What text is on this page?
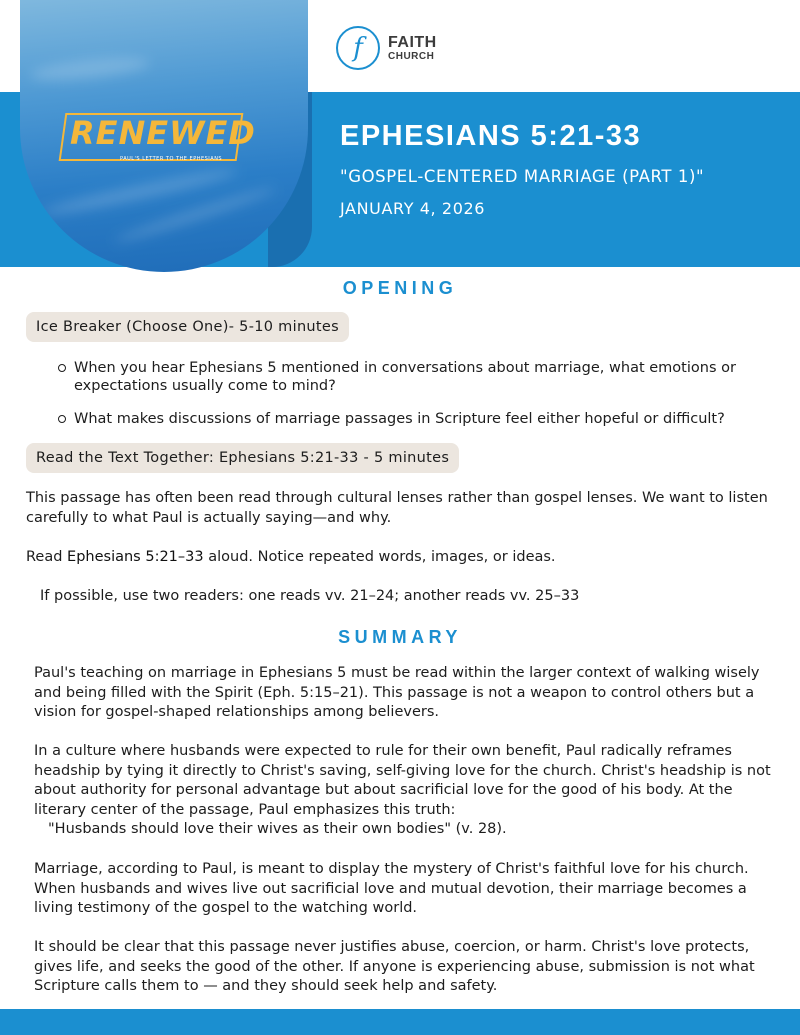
RENEWED
PAUL'S LETTER TO THE EPHESIANS
f	FAITH
CHURCH
EPHESIANS 5:21-33
"GOSPEL-CENTERED MARRIAGE (PART 1)"
JANUARY 4, 2026
OPENING
Ice Breaker (Choose One)- 5-10 minutes
When you hear Ephesians 5 mentioned in conversations about marriage, what emotions or expectations usually come to mind?
What makes discussions of marriage passages in Scripture feel either hopeful or difficult?
Read the Text Together: Ephesians 5:21-33 - 5 minutes
This passage has often been read through cultural lenses rather than gospel lenses. We want to listen carefully to what Paul is actually saying—and why.
Read Ephesians 5:21–33 aloud. Notice repeated words, images, or ideas.
If possible, use two readers: one reads vv. 21–24; another reads vv. 25–33
SUMMARY
Paul's teaching on marriage in Ephesians 5 must be read within the larger context of walking wisely and being filled with the Spirit (Eph. 5:15–21). This passage is not a weapon to control others but a vision for gospel-shaped relationships among believers.
In a culture where husbands were expected to rule for their own benefit, Paul radically reframes headship by tying it directly to Christ's saving, self-giving love for the church. Christ's headship is not about authority for personal advantage but about sacrificial love for the good of his body. At the literary center of the passage, Paul emphasizes this truth:
"Husbands should love their wives as their own bodies" (v. 28).
Marriage, according to Paul, is meant to display the mystery of Christ's faithful love for his church. When husbands and wives live out sacrificial love and mutual devotion, their marriage becomes a living testimony of the gospel to the watching world.
It should be clear that this passage never justifies abuse, coercion, or harm. Christ's love protects, gives life, and seeks the good of the other. If anyone is experiencing abuse, submission is not what Scripture calls them to — and they should seek help and safety.
